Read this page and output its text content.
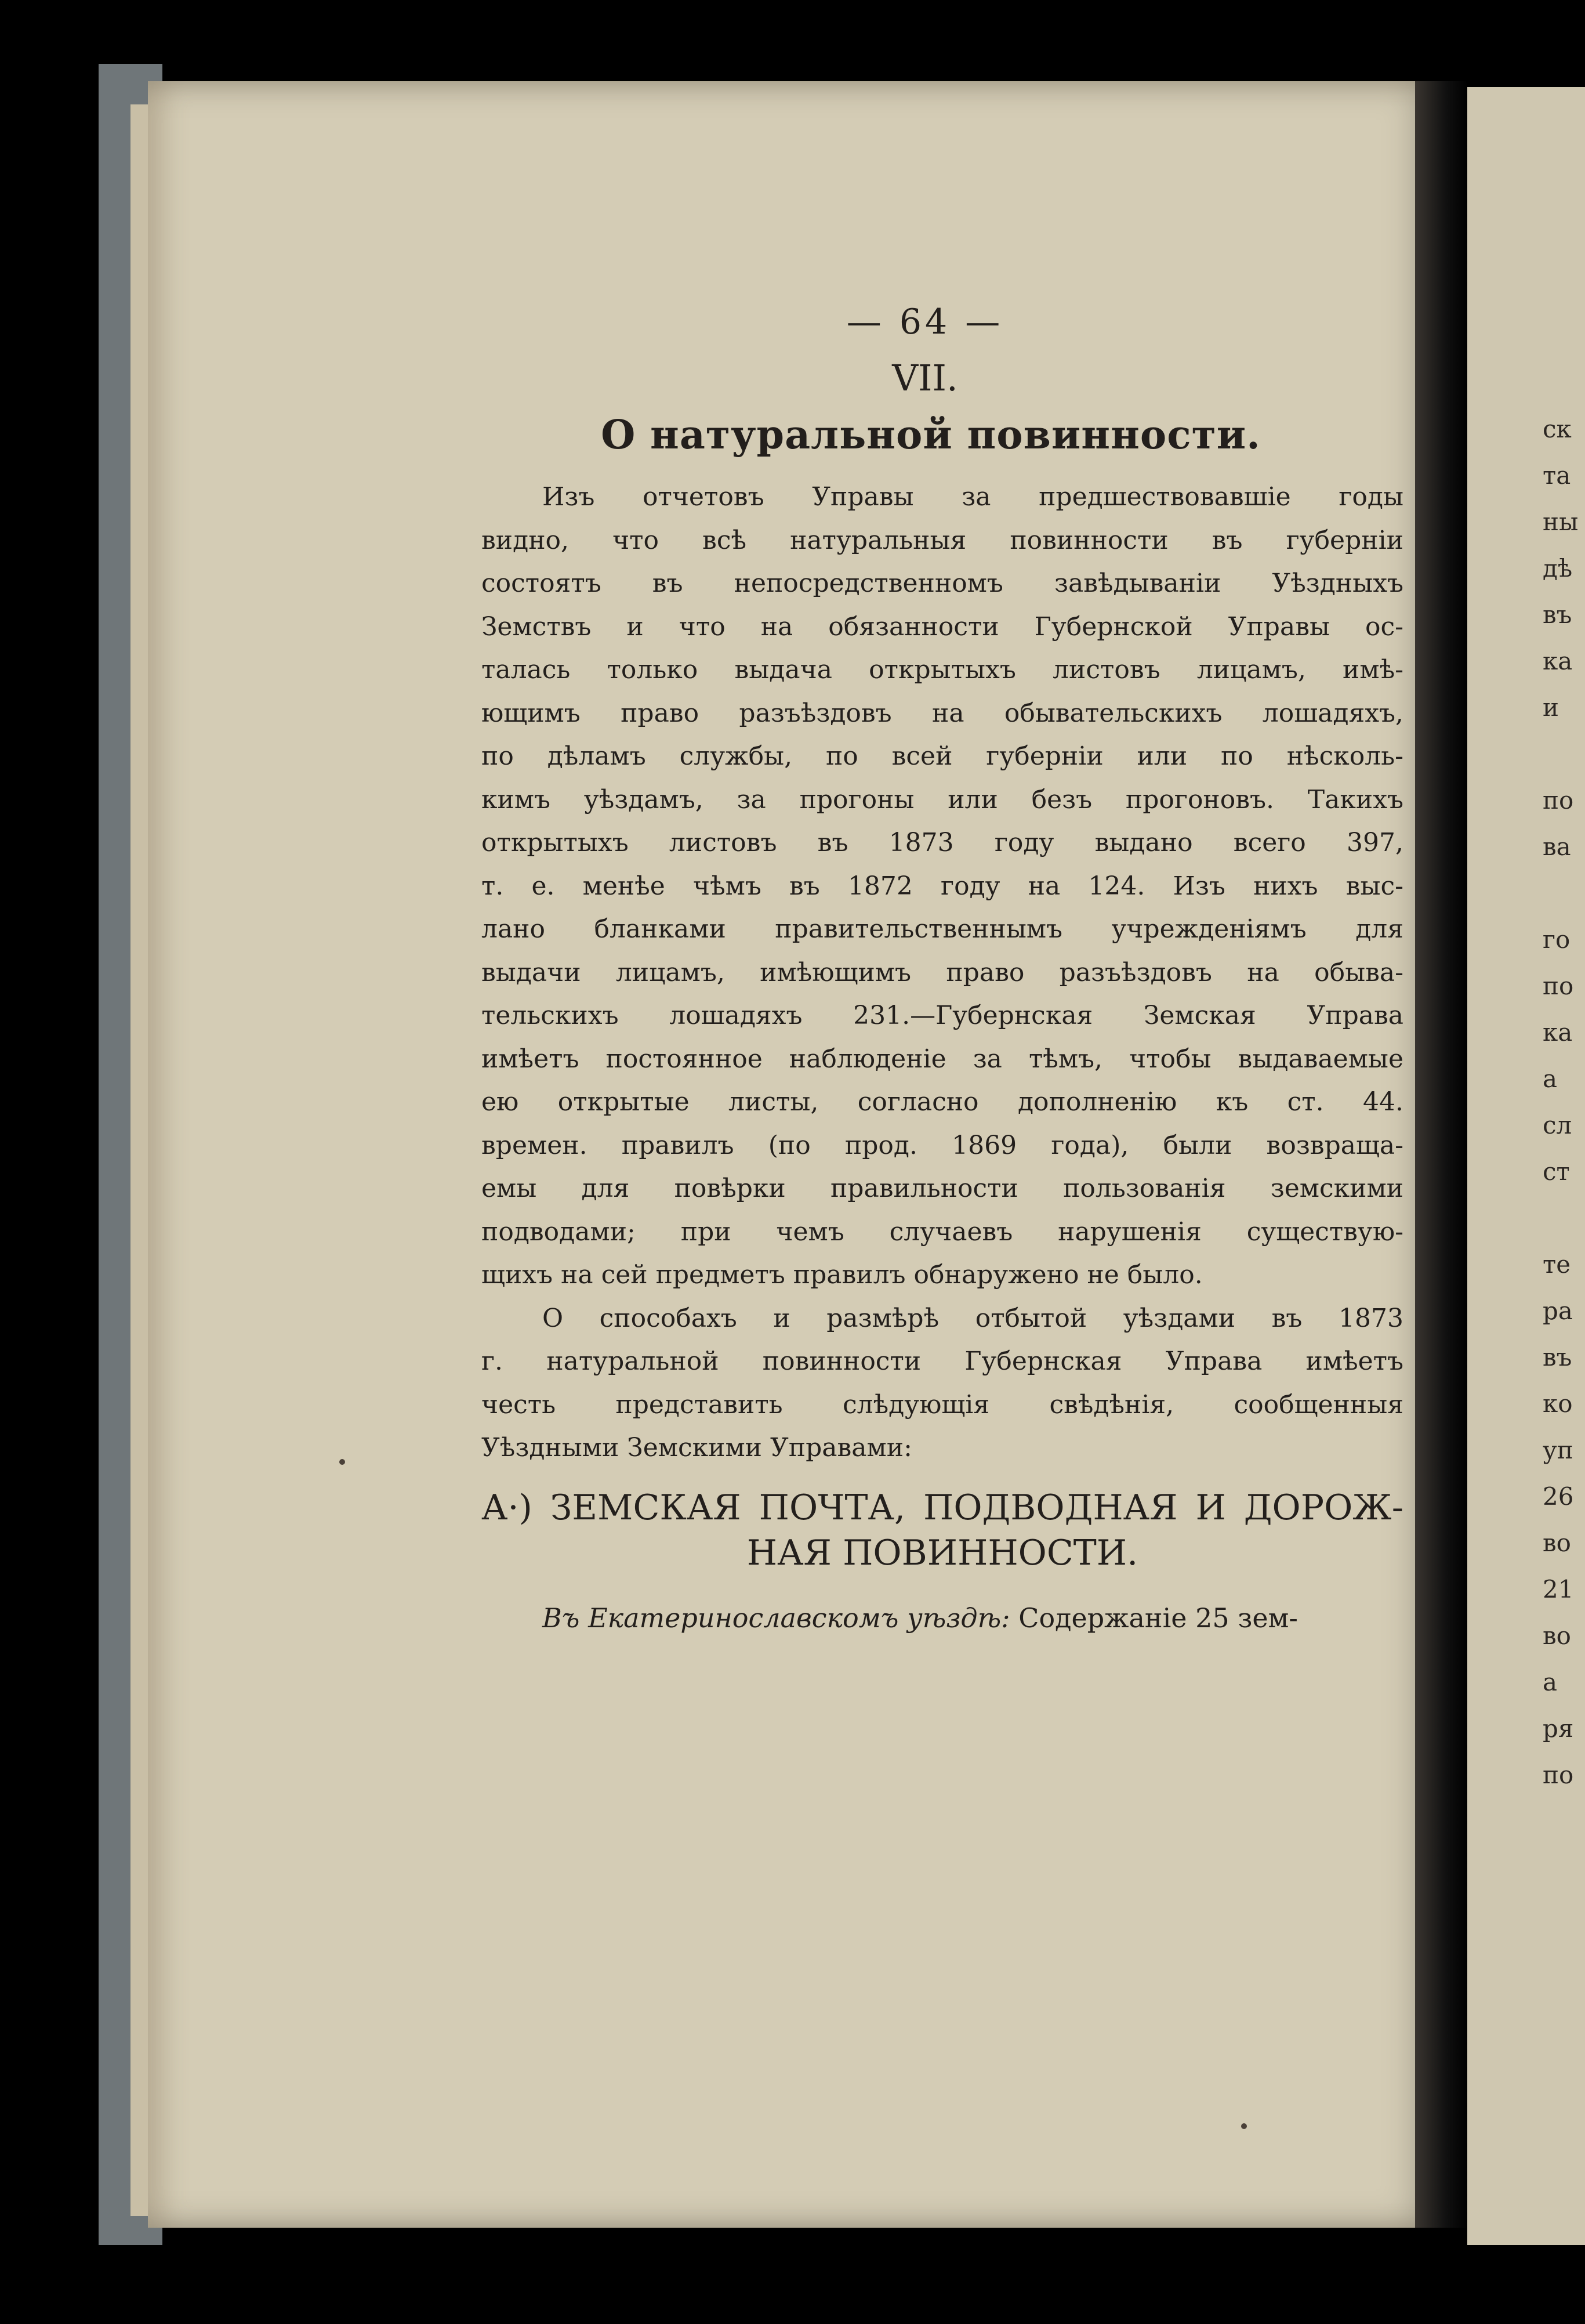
ск
та
ны
дѣ
въ
ка
и
по
ва
го
по
ка
а
сл
ст
те
ра
въ
ко
уп
26
во
21
во
а
ря
по
— 64 —
VII.
О натуральной повинности.
Изъ отчетовъ Управы за предшествовавшіе годы
видно, что всѣ натуральныя повинности въ губерніи
состоятъ въ непосредственномъ завѣдываніи Уѣздныхъ
Земствъ и что на обязанности Губернской Управы ос-
талась только выдача открытыхъ листовъ лицамъ, имѣ-
ющимъ право разъѣздовъ на обывательскихъ лошадяхъ,
по дѣламъ службы, по всей губерніи или по нѣсколь-
кимъ уѣздамъ, за прогоны или безъ прогоновъ. Такихъ
открытыхъ листовъ въ 1873 году выдано всего 397,
т. е. менѣе чѣмъ въ 1872 году на 124. Изъ нихъ выс-
лано бланками правительственнымъ учрежденіямъ для
выдачи лицамъ, имѣющимъ право разъѣздовъ на обыва-
тельскихъ лошадяхъ 231.—Губернская Земская Управа
имѣетъ постоянное наблюденіе за тѣмъ, чтобы выдаваемые
ею открытые листы, согласно дополненію къ ст. 44.
времен. правилъ (по прод. 1869 года), были возвраща-
емы для повѣрки правильности пользованія земскими
подводами; при чемъ случаевъ нарушенія существую-
щихъ на сей предметъ правилъ обнаружено не было.
О способахъ и размѣрѣ отбытой уѣздами въ 1873
г. натуральной повинности Губернская Управа имѣетъ
честь представить слѣдующія свѣдѣнія, сообщенныя
Уѣздными Земскими Управами:
А·) ЗЕМСКАЯ ПОЧТА, ПОДВОДНАЯ И ДОРОЖ-
НАЯ ПОВИННОСТИ.
Въ Екатеринославскомъ уѣздѣ: Содержаніе 25 зем-
